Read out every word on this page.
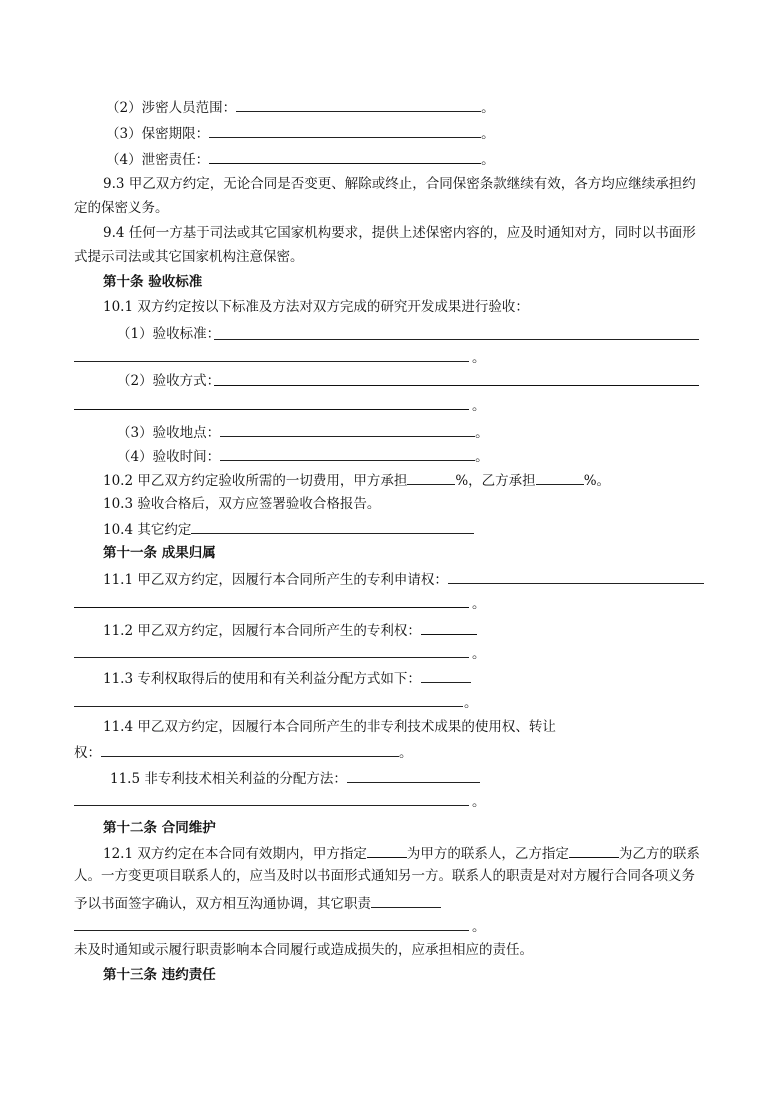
（2）涉密人员范围：	。
（3）保密期限：	。
（4）泄密责任：	。
9.3 甲乙双方约定，无论合同是否变更、解除或终止，合同保密条款继续有效，各方均应继续承担约
定的保密义务。
9.4 任何一方基于司法或其它国家机构要求，提供上述保密内容的，应及时通知对方，同时以书面形
式提示司法或其它国家机构注意保密。
第十条 验收标准
10.1 双方约定按以下标准及方法对双方完成的研究开发成果进行验收：
（1）验收标准：
。
（2）验收方式：
。
（3）验收地点：	。
（4）验收时间：	。
10.2 甲乙双方约定验收所需的一切费用，甲方承担	%，乙方承担	%。
10.3 验收合格后，双方应签署验收合格报告。
10.4 其它约定
第十一条 成果归属
11.1 甲乙双方约定，因履行本合同所产生的专利申请权：
。
11.2 甲乙双方约定，因履行本合同所产生的专利权：
。
11.3 专利权取得后的使用和有关利益分配方式如下：
。
11.4 甲乙双方约定，因履行本合同所产生的非专利技术成果的使用权、转让
权：	。
11.5 非专利技术相关利益的分配方法：
。
第十二条 合同维护
12.1 双方约定在本合同有效期内，甲方指定	为甲方的联系人，乙方指定	为乙方的联系
人。一方变更项目联系人的，应当及时以书面形式通知另一方。联系人的职责是对对方履行合同各项义务
予以书面签字确认，双方相互沟通协调，其它职责
。
未及时通知或示履行职责影响本合同履行或造成损失的，应承担相应的责任。
第十三条 违约责任
